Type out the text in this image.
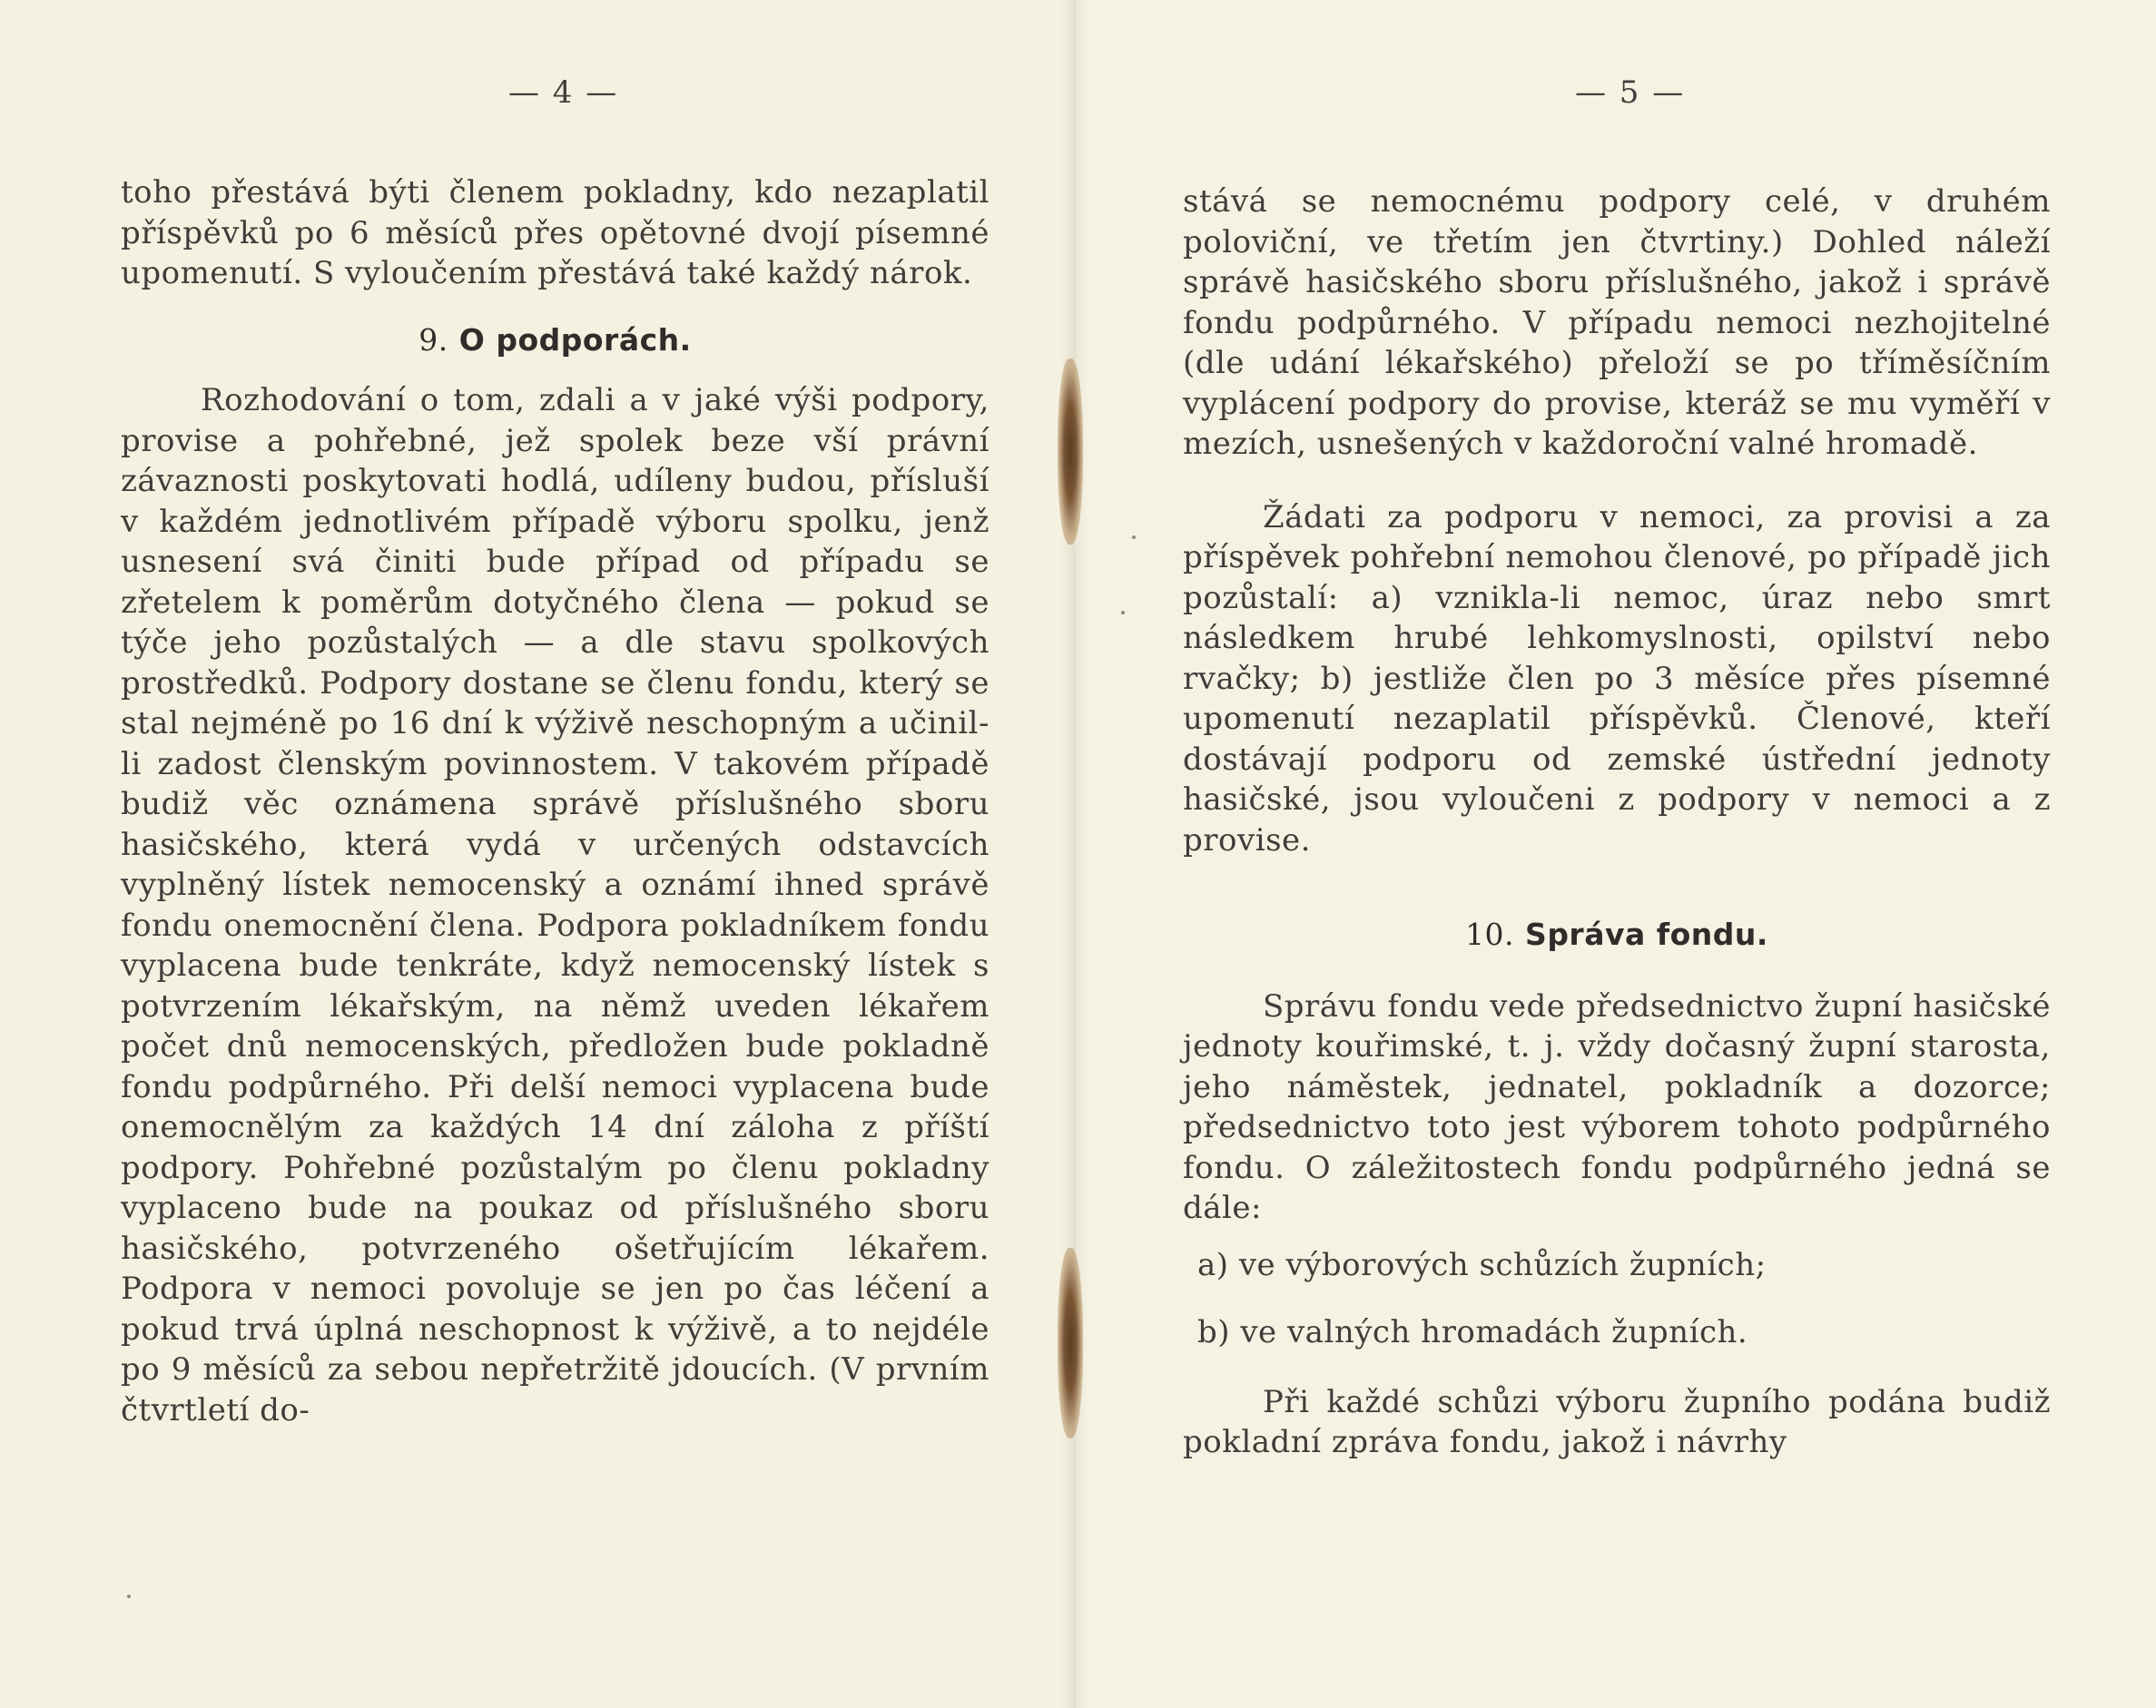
— 4 —	— 5 —

toho přestává býti členem pokladny, kdo nezaplatil příspěvků po 6 měsíců přes opětovné dvojí písemné upomenutí. S vyloučením přestává také každý nárok.

9. O podporách.

Rozhodování o tom, zdali a v jaké výši podpory, provise a pohřebné, jež spolek beze vší právní závaznosti poskytovati hodlá, udíleny budou, přísluší v každém jednotlivém případě výboru spolku, jenž usnesení svá činiti bude případ od případu se zřetelem k poměrům dotyčného člena — pokud se týče jeho pozůstalých — a dle stavu spolkových prostředků. Podpory dostane se členu fondu, který se stal nejméně po 16 dní k výživě neschopným a učinil-li zadost členským povinnostem. V takovém případě budiž věc oznámena správě příslušného sboru hasičského, která vydá v určených odstavcích vyplněný lístek nemocenský a oznámí ihned správě fondu onemocnění člena. Podpora pokladníkem fondu vyplacena bude tenkráte, když nemocenský lístek s potvrzením lékařským, na němž uveden lékařem počet dnů nemocenských, předložen bude pokladně fondu podpůrného. Při delší nemoci vyplacena bude onemocnělým za každých 14 dní záloha z příští podpory. Pohřebné pozůstalým po členu pokladny vyplaceno bude na poukaz od příslušného sboru hasičského, potvrzeného ošetřujícím lékařem. Podpora v nemoci povoluje se jen po čas léčení a pokud trvá úplná neschopnost k výživě, a to nejdéle po 9 měsíců za sebou nepřetržitě jdoucích. (V prvním čtvrtletí do-

stává se nemocnému podpory celé, v druhém poloviční, ve třetím jen čtvrtiny.) Dohled náleží správě hasičského sboru příslušného, jakož i správě fondu podpůrného. V případu nemoci nezhojitelné (dle udání lékařského) přeloží se po tříměsíčním vyplácení podpory do provise, kteráž se mu vyměří v mezích, usnešených v každoroční valné hromadě.

Žádati za podporu v nemoci, za provisi a za příspěvek pohřební nemohou členové, po případě jich pozůstalí: a) vznikla-li nemoc, úraz nebo smrt následkem hrubé lehkomyslnosti, opilství nebo rvačky; b) jestliže člen po 3 měsíce přes písemné upomenutí nezaplatil příspěvků. Členové, kteří dostávají podporu od zemské ústřední jednoty hasičské, jsou vyloučeni z podpory v nemoci a z provise.

10. Správa fondu.

Správu fondu vede předsednictvo župní hasičské jednoty kouřimské, t. j. vždy dočasný župní starosta, jeho náměstek, jednatel, pokladník a dozorce; předsednictvo toto jest výborem tohoto podpůrného fondu. O záležitostech fondu podpůrného jedná se dále:

a) ve výborových schůzích župních;

b) ve valných hromadách župních.

Při každé schůzi výboru župního podána budiž pokladní zpráva fondu, jakož i návrhy
